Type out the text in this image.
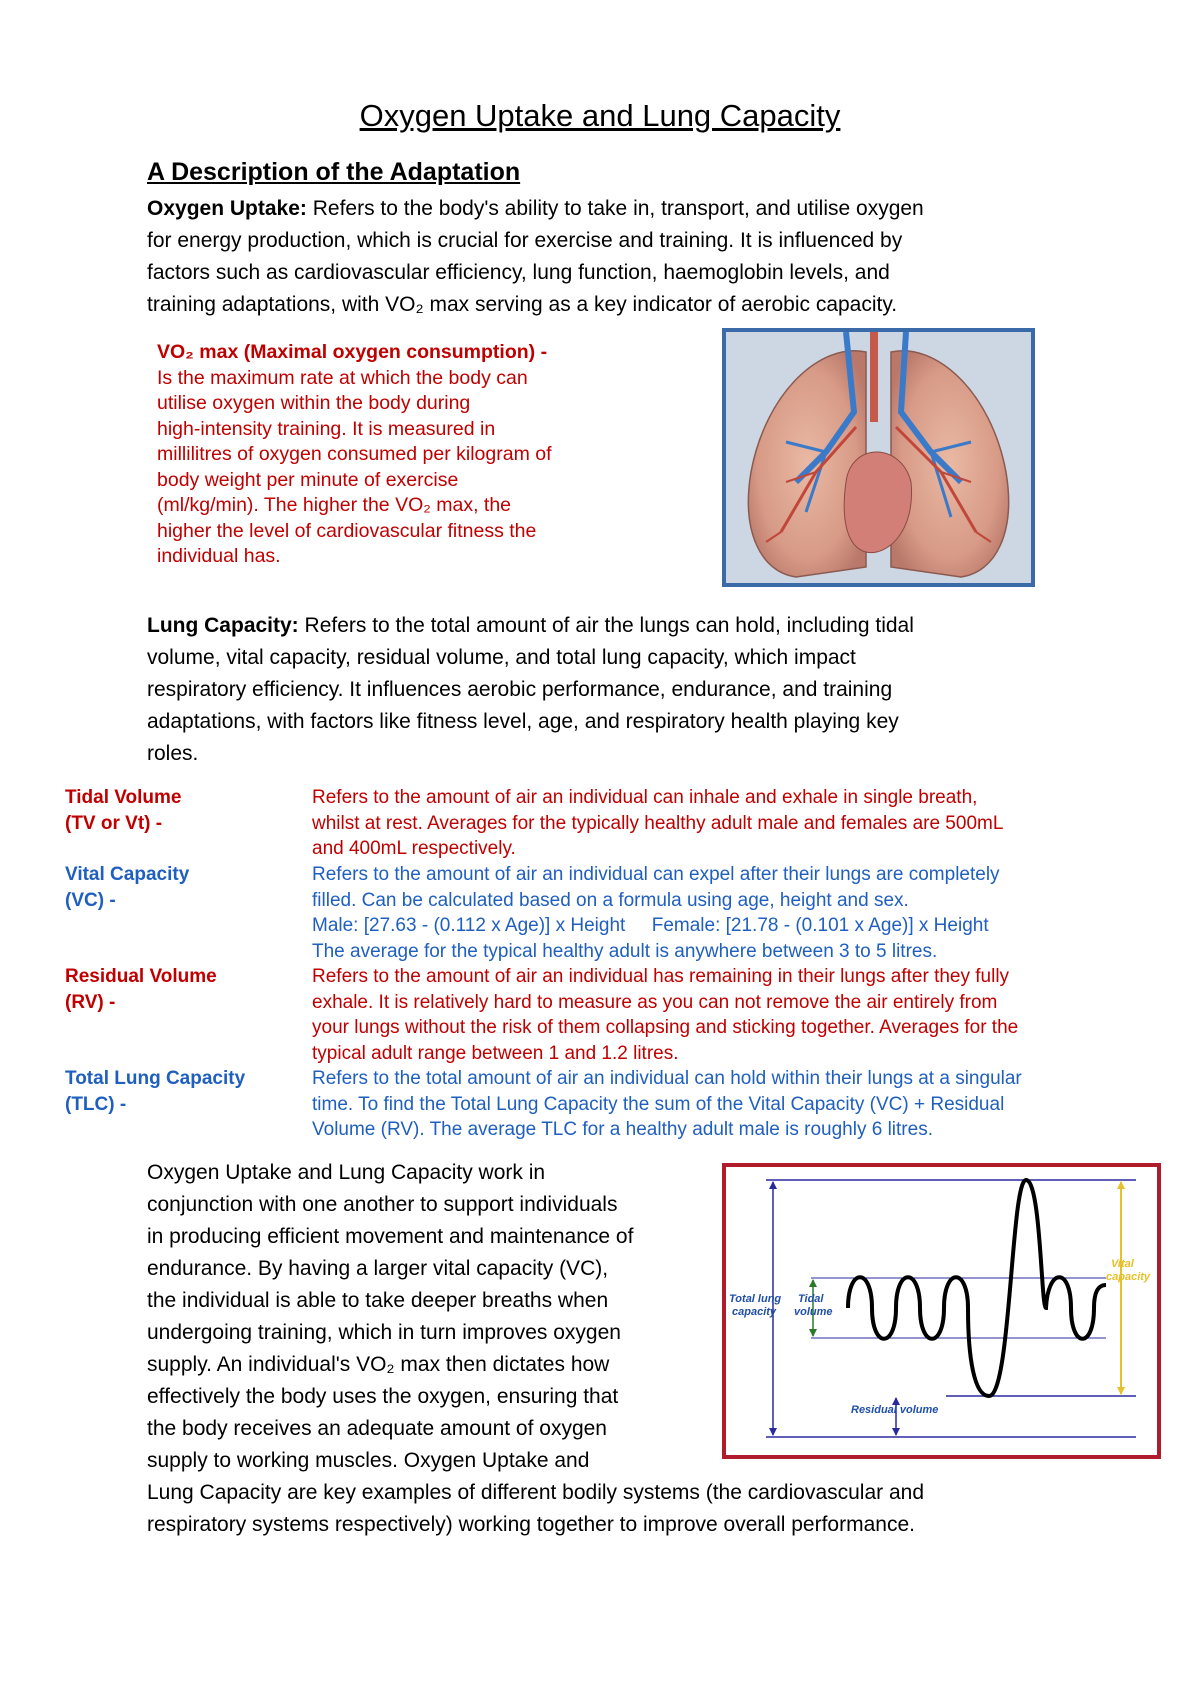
Oxygen Uptake and Lung Capacity
A Description of the Adaptation
Oxygen Uptake: Refers to the body's ability to take in, transport, and utilise oxygen
for energy production, which is crucial for exercise and training. It is influenced by
factors such as cardiovascular efficiency, lung function, haemoglobin levels, and
training adaptations, with VO₂ max serving as a key indicator of aerobic capacity.
VO₂ max (Maximal oxygen consumption) -
Is the maximum rate at which the body can
utilise oxygen within the body during
high-intensity training. It is measured in
millilitres of oxygen consumed per kilogram of
body weight per minute of exercise
(ml/kg/min). The higher the VO₂ max, the
higher the level of cardiovascular fitness the
individual has.
Lung Capacity: Refers to the total amount of air the lungs can hold, including tidal
volume, vital capacity, residual volume, and total lung capacity, which impact
respiratory efficiency. It influences aerobic performance, endurance, and training
adaptations, with factors like fitness level, age, and respiratory health playing key
roles.
Tidal Volume
(TV or Vt) -
Refers to the amount of air an individual can inhale and exhale in single breath,
whilst at rest. Averages for the typically healthy adult male and females are 500mL
and 400mL respectively.
Vital Capacity
(VC) -
Refers to the amount of air an individual can expel after their lungs are completely
filled. Can be calculated based on a formula using age, height and sex.
Male: [27.63 - (0.112 x Age)] x Height     Female: [21.78 - (0.101 x Age)] x Height
The average for the typical healthy adult is anywhere between 3 to 5 litres.
Residual Volume
(RV) -
Refers to the amount of air an individual has remaining in their lungs after they fully
exhale. It is relatively hard to measure as you can not remove the air entirely from
your lungs without the risk of them collapsing and sticking together. Averages for the
typical adult range between 1 and 1.2 litres.
Total Lung Capacity
(TLC) -
Refers to the total amount of air an individual can hold within their lungs at a singular
time. To find the Total Lung Capacity the sum of the Vital Capacity (VC) + Residual
Volume (RV). The average TLC for a healthy adult male is roughly 6 litres.
Oxygen Uptake and Lung Capacity work in
conjunction with one another to support individuals
in producing efficient movement and maintenance of
endurance. By having a larger vital capacity (VC),
the individual is able to take deeper breaths when
undergoing training, which in turn improves oxygen
supply. An individual's VO₂ max then dictates how
effectively the body uses the oxygen, ensuring that
the body receives an adequate amount of oxygen
supply to working muscles. Oxygen Uptake and
Lung Capacity are key examples of different bodily systems (the cardiovascular and
respiratory systems respectively) working together to improve overall performance.
Total lung
capacity
Tidal
volume
Vital
capacity
Residual volume
